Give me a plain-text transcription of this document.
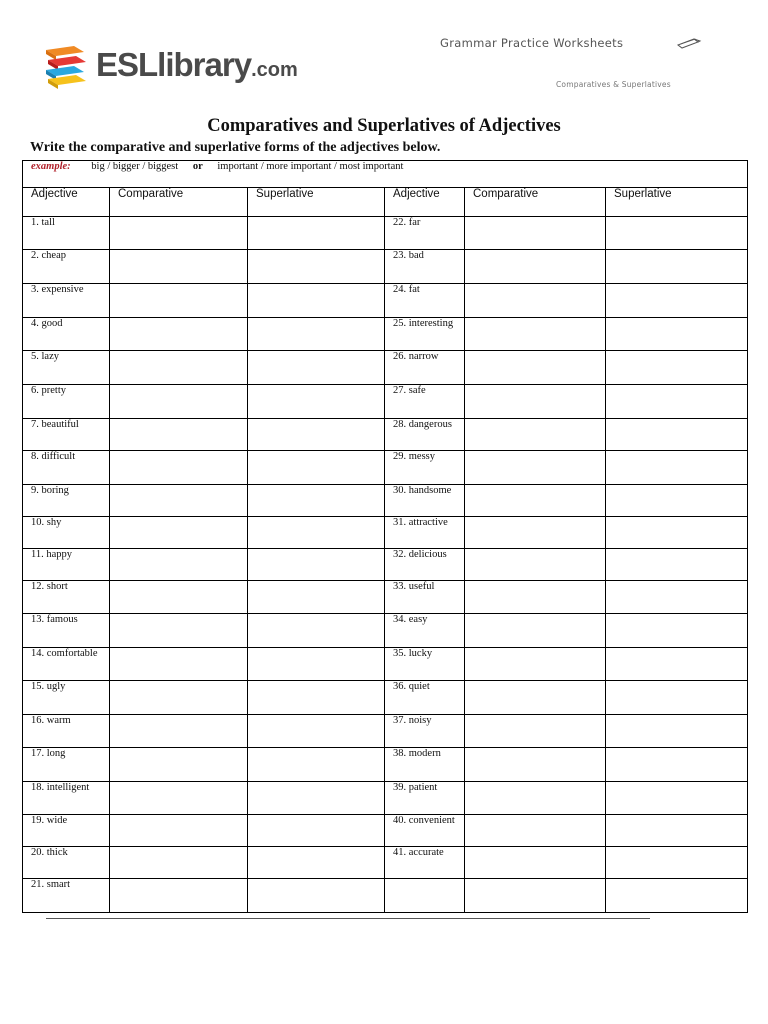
ESLlibrary.com
Grammar Practice Worksheets
Comparatives & Superlatives
Comparatives and Superlatives of Adjectives
Write the comparative and superlative forms of the adjectives below.
example: big / bigger / biggest or important / more important / most important					
Adjective	Comparative	Superlative	Adjective	Comparative	Superlative
1. tall			22. far		
2. cheap			23. bad		
3. expensive			24. fat		
4. good			25. interesting		
5. lazy			26. narrow		
6. pretty			27. safe		
7. beautiful			28. dangerous		
8. difficult			29. messy		
9. boring			30. handsome		
10. shy			31. attractive		
11. happy			32. delicious		
12. short			33. useful		
13. famous			34. easy		
14. comfortable			35. lucky		
15. ugly			36. quiet		
16. warm			37. noisy		
17. long			38. modern		
18. intelligent			39. patient		
19. wide			40. convenient		
20. thick			41. accurate		
21. smart					
